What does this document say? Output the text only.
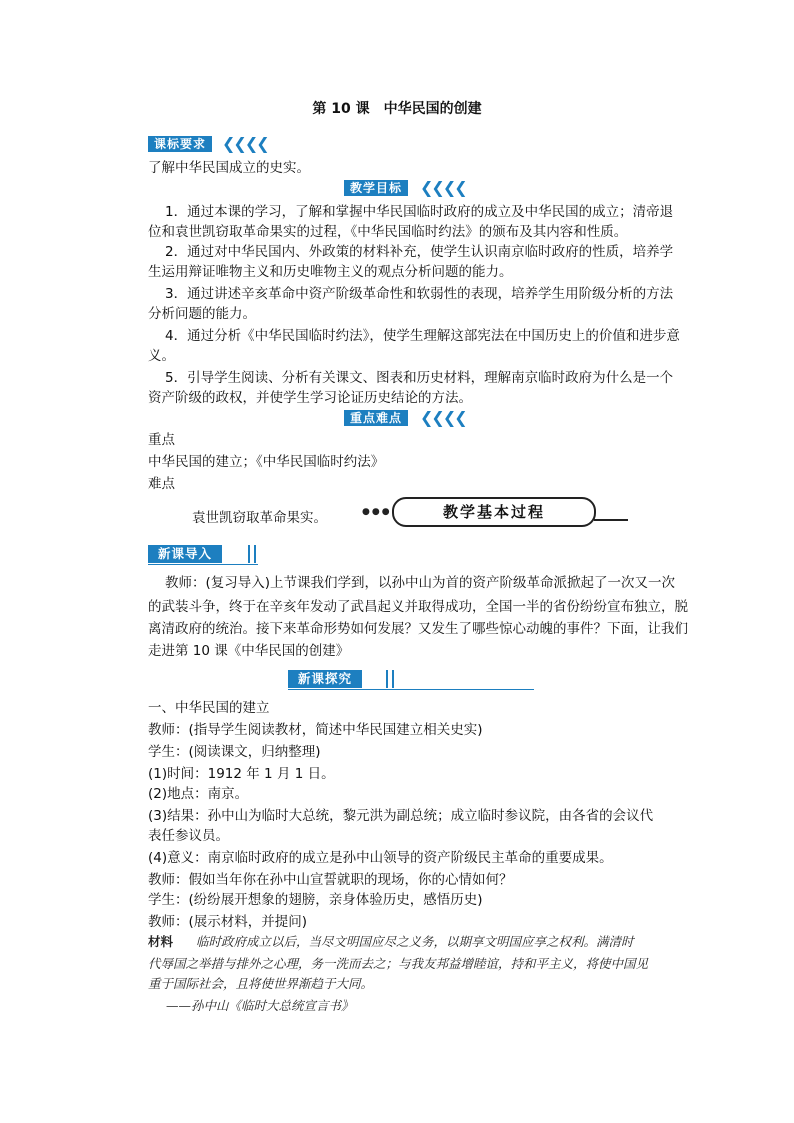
第 10 课　中华民国的创建
课标要求 ❮❮❮❮
了解中华民国成立的史实。
教学目标	❮❮❮❮
1．通过本课的学习，了解和掌握中华民国临时政府的成立及中华民国的成立；清帝退
位和袁世凯窃取革命果实的过程，《中华民国临时约法》的颁布及其内容和性质。
2．通过对中华民国内、外政策的材料补充，使学生认识南京临时政府的性质，培养学
生运用辩证唯物主义和历史唯物主义的观点分析问题的能力。
3．通过讲述辛亥革命中资产阶级革命性和软弱性的表现，培养学生用阶级分析的方法
分析问题的能力。
4．通过分析《中华民国临时约法》，使学生理解这部宪法在中国历史上的价值和进步意
义。
5．引导学生阅读、分析有关课文、图表和历史材料，理解南京临时政府为什么是一个
资产阶级的政权，并使学生学习论证历史结论的方法。
重点难点	❮❮❮❮
重点
中华民国的建立；《中华民国临时约法》
难点
袁世凯窃取革命果实。	●●●	教学基本过程
新课导入
教师：(复习导入)上节课我们学到，以孙中山为首的资产阶级革命派掀起了一次又一次
的武装斗争，终于在辛亥年发动了武昌起义并取得成功，全国一半的省份纷纷宣布独立，脱
离清政府的统治。接下来革命形势如何发展？又发生了哪些惊心动魄的事件？下面，让我们
走进第 10 课《中华民国的创建》
新课探究
一、中华民国的建立
教师：(指导学生阅读教材，简述中华民国建立相关史实)
学生：(阅读课文，归纳整理)
(1)时间：1912 年 1 月 1 日。
(2)地点：南京。
(3)结果：孙中山为临时大总统，黎元洪为副总统；成立临时参议院，由各省的会议代
表任参议员。
(4)意义：南京临时政府的成立是孙中山领导的资产阶级民主革命的重要成果。
教师：假如当年你在孙中山宣誓就职的现场，你的心情如何？
学生：(纷纷展开想象的翅膀，亲身体验历史，感悟历史)
教师：(展示材料，并提问)
材料 临时政府成立以后，当尽文明国应尽之义务，以期享文明国应享之权利。满清时
代辱国之举措与排外之心理，务一洗而去之；与我友邦益增睦谊，持和平主义，将使中国见
重于国际社会，且将使世界渐趋于大同。
——孙中山《临时大总统宣言书》
